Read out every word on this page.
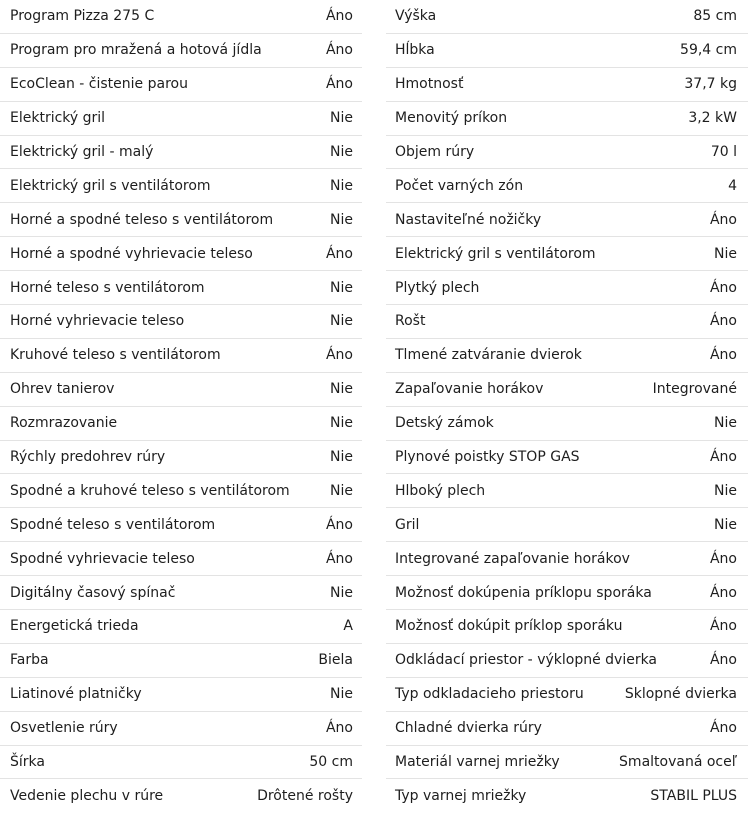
Program Pizza 275 C	Áno
Program pro mražená a hotová jídla	Áno
EcoClean - čistenie parou	Áno
Elektrický gril	Nie
Elektrický gril - malý	Nie
Elektrický gril s ventilátorom	Nie
Horné a spodné teleso s ventilátorom	Nie
Horné a spodné vyhrievacie teleso	Áno
Horné teleso s ventilátorom	Nie
Horné vyhrievacie teleso	Nie
Kruhové teleso s ventilátorom	Áno
Ohrev tanierov	Nie
Rozmrazovanie	Nie
Rýchly predohrev rúry	Nie
Spodné a kruhové teleso s ventilátorom	Nie
Spodné teleso s ventilátorom	Áno
Spodné vyhrievacie teleso	Áno
Digitálny časový spínač	Nie
Energetická trieda	A
Farba	Biela
Liatinové platničky	Nie
Osvetlenie rúry	Áno
Šírka	50 cm
Vedenie plechu v rúre	Drôtené rošty
Výška	85 cm
Hĺbka	59,4 cm
Hmotnosť	37,7 kg
Menovitý príkon	3,2 kW
Objem rúry	70 l
Počet varných zón	4
Nastaviteľné nožičky	Áno
Elektrický gril s ventilátorom	Nie
Plytký plech	Áno
Rošt	Áno
Tlmené zatváranie dvierok	Áno
Zapaľovanie horákov	Integrované
Detský zámok	Nie
Plynové poistky STOP GAS	Áno
Hlboký plech	Nie
Gril	Nie
Integrované zapaľovanie horákov	Áno
Možnosť dokúpenia príklopu sporáka	Áno
Možnosť dokúpit príklop sporáku	Áno
Odkládací priestor - výklopné dvierka	Áno
Typ odkladacieho priestoru	Sklopné dvierka
Chladné dvierka rúry	Áno
Materiál varnej mriežky	Smaltovaná oceľ
Typ varnej mriežky	STABIL PLUS
